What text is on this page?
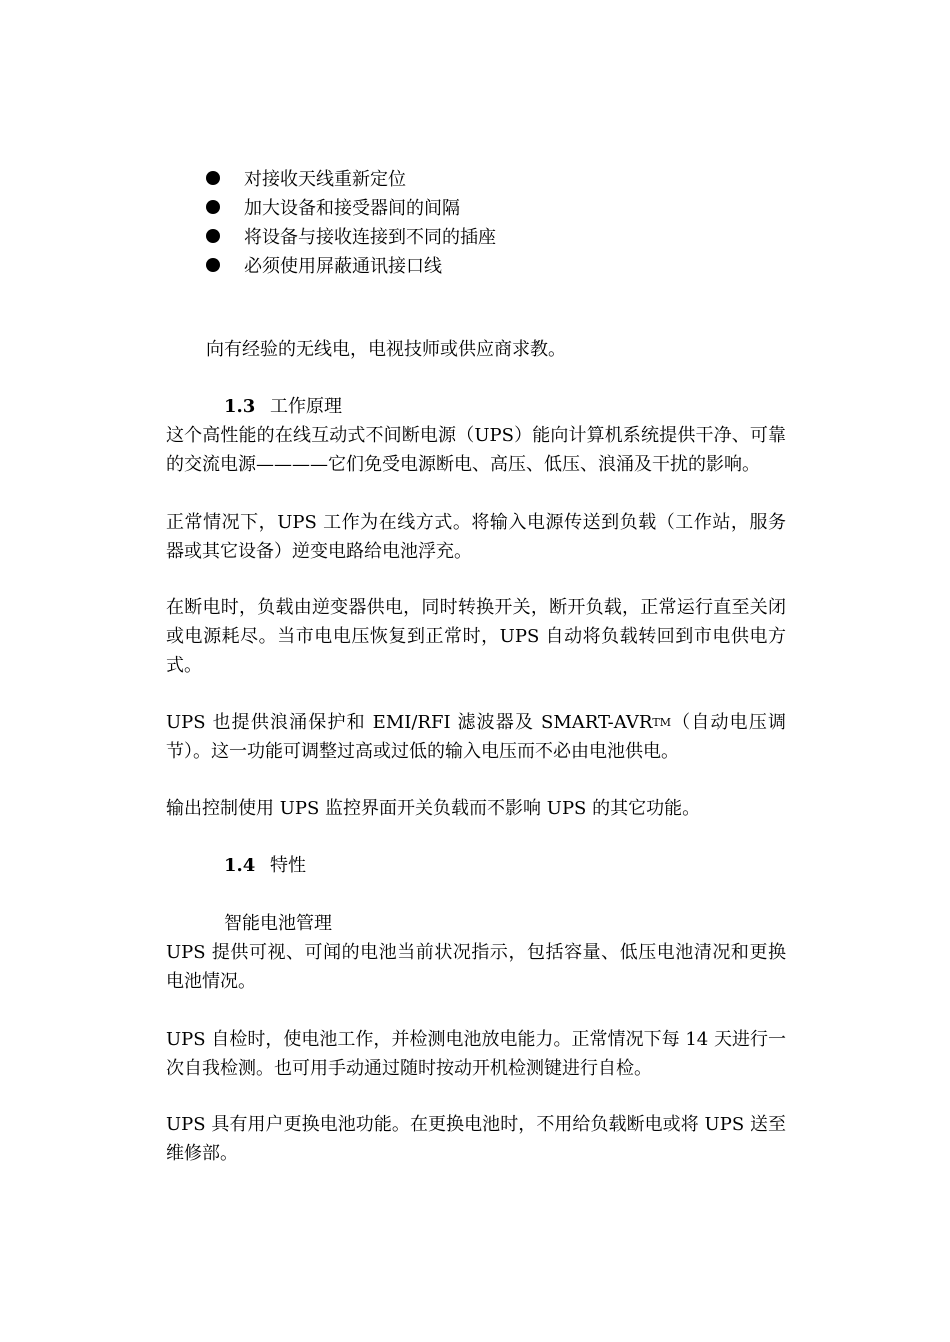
对接收天线重新定位
加大设备和接受器间的间隔
将设备与接收连接到不同的插座
必须使用屏蔽通讯接口线
向有经验的无线电，电视技师或供应商求教。
1.3 工作原理

这个高性能的在线互动式不间断电源（UPS）能向计算机系统提供干净、可靠的交流电源————它们免受电源断电、高压、低压、浪涌及干扰的影响。

正常情况下，UPS 工作为在线方式。将输入电源传送到负载（工作站，服务器或其它设备）逆变电路给电池浮充。

在断电时，负载由逆变器供电，同时转换开关，断开负载，正常运行直至关闭或电源耗尽。当市电电压恢复到正常时，UPS 自动将负载转回到市电供电方式。

UPS 也提供浪涌保护和 EMI/RFI 滤波器及 SMART-AVRTM（自动电压调节）。这一功能可调整过高或过低的输入电压而不必由电池供电。

输出控制使用 UPS 监控界面开关负载而不影响 UPS 的其它功能。

1.4 特性
智能电池管理

UPS 提供可视、可闻的电池当前状况指示，包括容量、低压电池清况和更换电池情况。

UPS 自检时，使电池工作，并检测电池放电能力。正常情况下每 14 天进行一次自我检测。也可用手动通过随时按动开机检测键进行自检。

UPS 具有用户更换电池功能。在更换电池时，不用给负载断电或将 UPS 送至维修部。
